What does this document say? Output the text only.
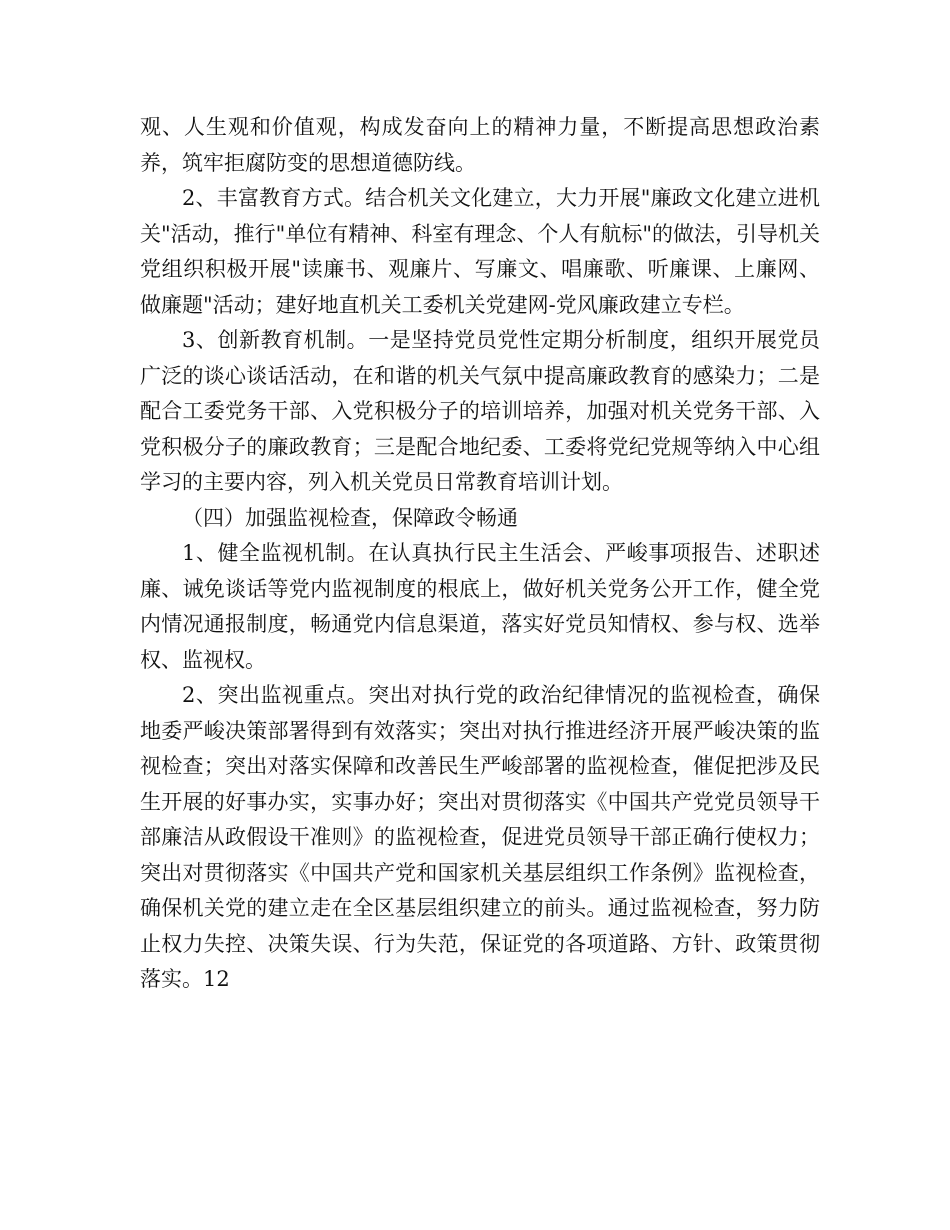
观、人生观和价值观，构成发奋向上的精神力量，不断提高思想政治素养，筑牢拒腐防变的思想道德防线。

2、丰富教育方式。结合机关文化建立，大力开展"廉政文化建立进机关"活动，推行"单位有精神、科室有理念、个人有航标"的做法，引导机关党组织积极开展"读廉书、观廉片、写廉文、唱廉歌、听廉课、上廉网、做廉题"活动；建好地直机关工委机关党建网-党风廉政建立专栏。

3、创新教育机制。一是坚持党员党性定期分析制度，组织开展党员广泛的谈心谈话活动，在和谐的机关气氛中提高廉政教育的感染力；二是配合工委党务干部、入党积极分子的培训培养，加强对机关党务干部、入党积极分子的廉政教育；三是配合地纪委、工委将党纪党规等纳入中心组学习的主要内容，列入机关党员日常教育培训计划。

（四）加强监视检查，保障政令畅通

1、健全监视机制。在认真执行民主生活会、严峻事项报告、述职述廉、诫免谈话等党内监视制度的根底上，做好机关党务公开工作，健全党内情况通报制度，畅通党内信息渠道，落实好党员知情权、参与权、选举权、监视权。

2、突出监视重点。突出对执行党的政治纪律情况的监视检查，确保地委严峻决策部署得到有效落实；突出对执行推进经济开展严峻决策的监视检查；突出对落实保障和改善民生严峻部署的监视检查，催促把涉及民生开展的好事办实，实事办好；突出对贯彻落实《中国共产党党员领导干部廉洁从政假设干准则》的监视检查，促进党员领导干部正确行使权力；突出对贯彻落实《中国共产党和国家机关基层组织工作条例》监视检查，确保机关党的建立走在全区基层组织建立的前头。通过监视检查，努力防止权力失控、决策失误、行为失范，保证党的各项道路、方针、政策贯彻落实。12
